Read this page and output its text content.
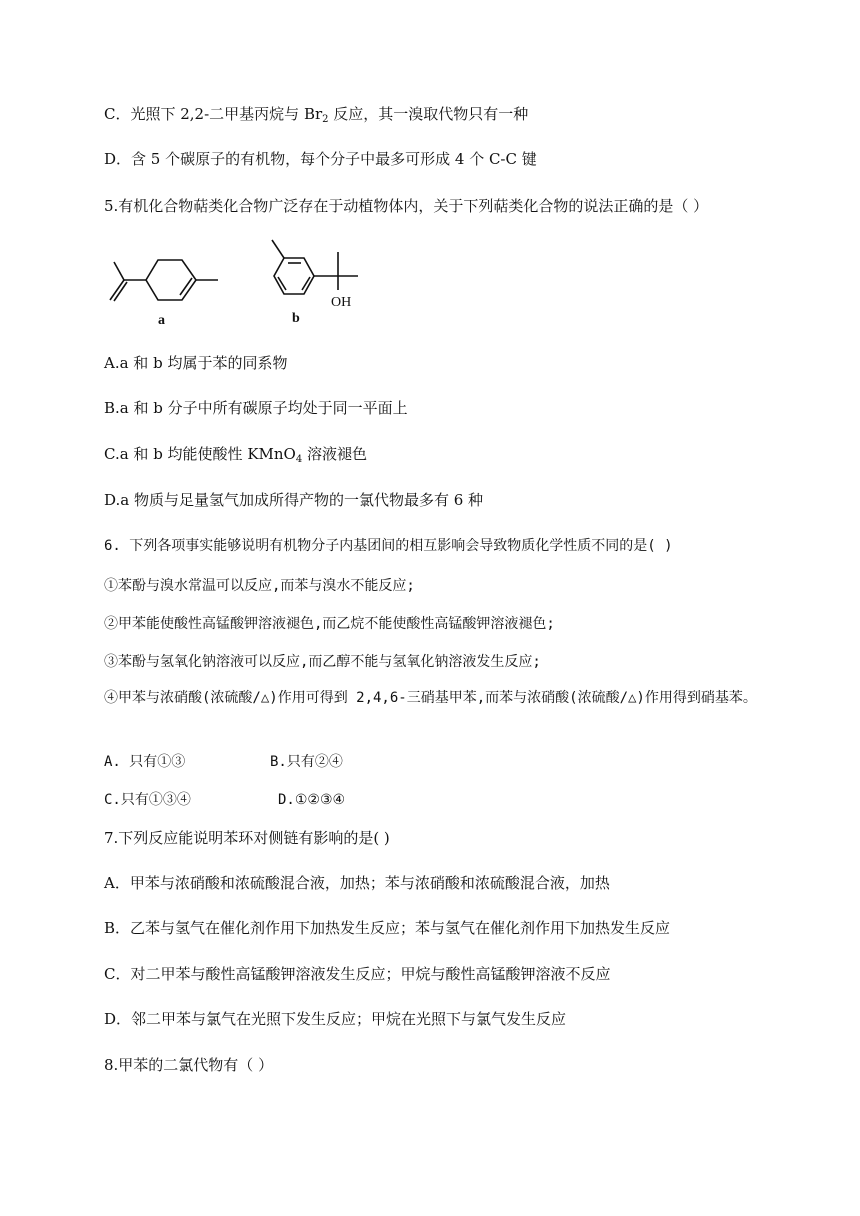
C．光照下 2,2-二甲基丙烷与 $Br_2$ 反应，其一溴取代物只有一种
D．含 5 个碳原子的有机物，每个分子中最多可形成 4 个 C-C 键
5.有机化合物萜类化合物广泛存在于动植物体内，关于下列萜类化合物的说法正确的是（ ）
a
OH
b
A.a 和 b 均属于苯的同系物
B.a 和 b 分子中所有碳原子均处于同一平面上
C.a 和 b 均能使酸性 KMnO$_4$ 溶液褪色
D.a 物质与足量氢气加成所得产物的一氯代物最多有 6 种
6. 下列各项事实能够说明有机物分子内基团间的相互影响会导致物质化学性质不同的是( )
①苯酚与溴水常温可以反应,而苯与溴水不能反应;
②甲苯能使酸性高锰酸钾溶液褪色,而乙烷不能使酸性高锰酸钾溶液褪色;
③苯酚与氢氧化钠溶液可以反应,而乙醇不能与氢氧化钠溶液发生反应;
④甲苯与浓硝酸(浓硫酸/△)作用可得到 2,4,6-三硝基甲苯,而苯与浓硝酸(浓硫酸/△)作用得到硝基苯。
A. 只有①③	B.只有②④
C.只有①③④	D.①②③④
7.下列反应能说明苯环对侧链有影响的是( )
A．甲苯与浓硝酸和浓硫酸混合液，加热；苯与浓硝酸和浓硫酸混合液，加热
B．乙苯与氢气在催化剂作用下加热发生反应；苯与氢气在催化剂作用下加热发生反应
C．对二甲苯与酸性高锰酸钾溶液发生反应；甲烷与酸性高锰酸钾溶液不反应
D．邻二甲苯与氯气在光照下发生反应；甲烷在光照下与氯气发生反应
8.甲苯的二氯代物有（ ）
